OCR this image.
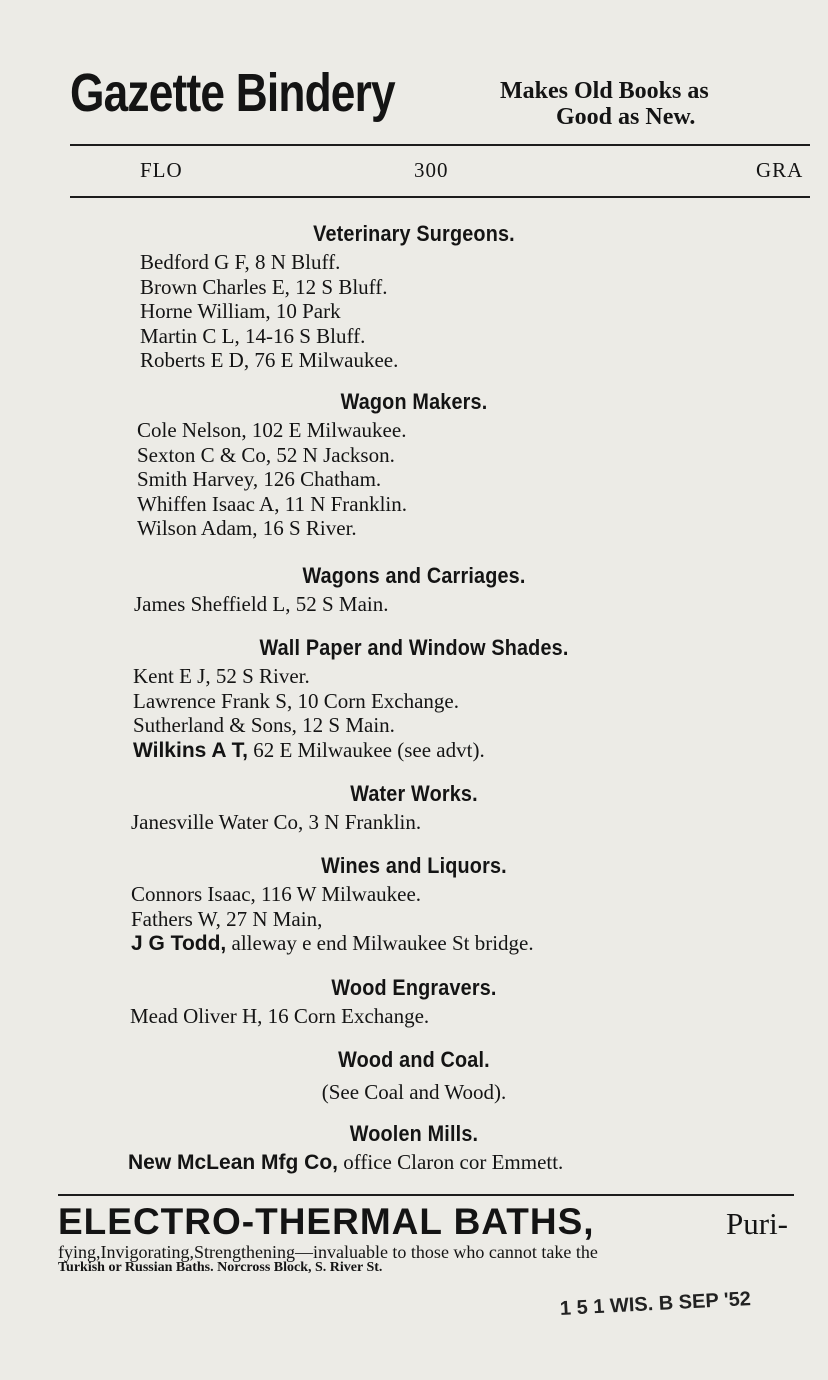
Gazette Bindery	Makes Old Books as
Good as New.
FLO	300	GRA
Veterinary Surgeons.
Bedford G F, 8 N Bluff.
Brown Charles E, 12 S Bluff.
Horne William, 10 Park
Martin C L, 14-16 S Bluff.
Roberts E D, 76 E Milwaukee.
Wagon Makers.
Cole Nelson, 102 E Milwaukee.
Sexton C & Co, 52 N Jackson.
Smith Harvey, 126 Chatham.
Whiffen Isaac A, 11 N Franklin.
Wilson Adam, 16 S River.
Wagons and Carriages.
James Sheffield L, 52 S Main.
Wall Paper and Window Shades.
Kent E J, 52 S River.
Lawrence Frank S, 10 Corn Exchange.
Sutherland & Sons, 12 S Main.
Wilkins A T, 62 E Milwaukee (see advt).
Water Works.
Janesville Water Co, 3 N Franklin.
Wines and Liquors.
Connors Isaac, 116 W Milwaukee.
Fathers W, 27 N Main,
J G Todd, alleway e end Milwaukee St bridge.
Wood Engravers.
Mead Oliver H, 16 Corn Exchange.
Wood and Coal.
(See Coal and Wood).
Woolen Mills.
New McLean Mfg Co, office Claron cor Emmett.
ELECTRO-THERMAL BATHS,	Puri-
fying,Invigorating,Strengthening—invaluable to those who cannot take the
Turkish or Russian Baths. Norcross Block, S. River St.
1 5 1 WIS. B SEP '52
